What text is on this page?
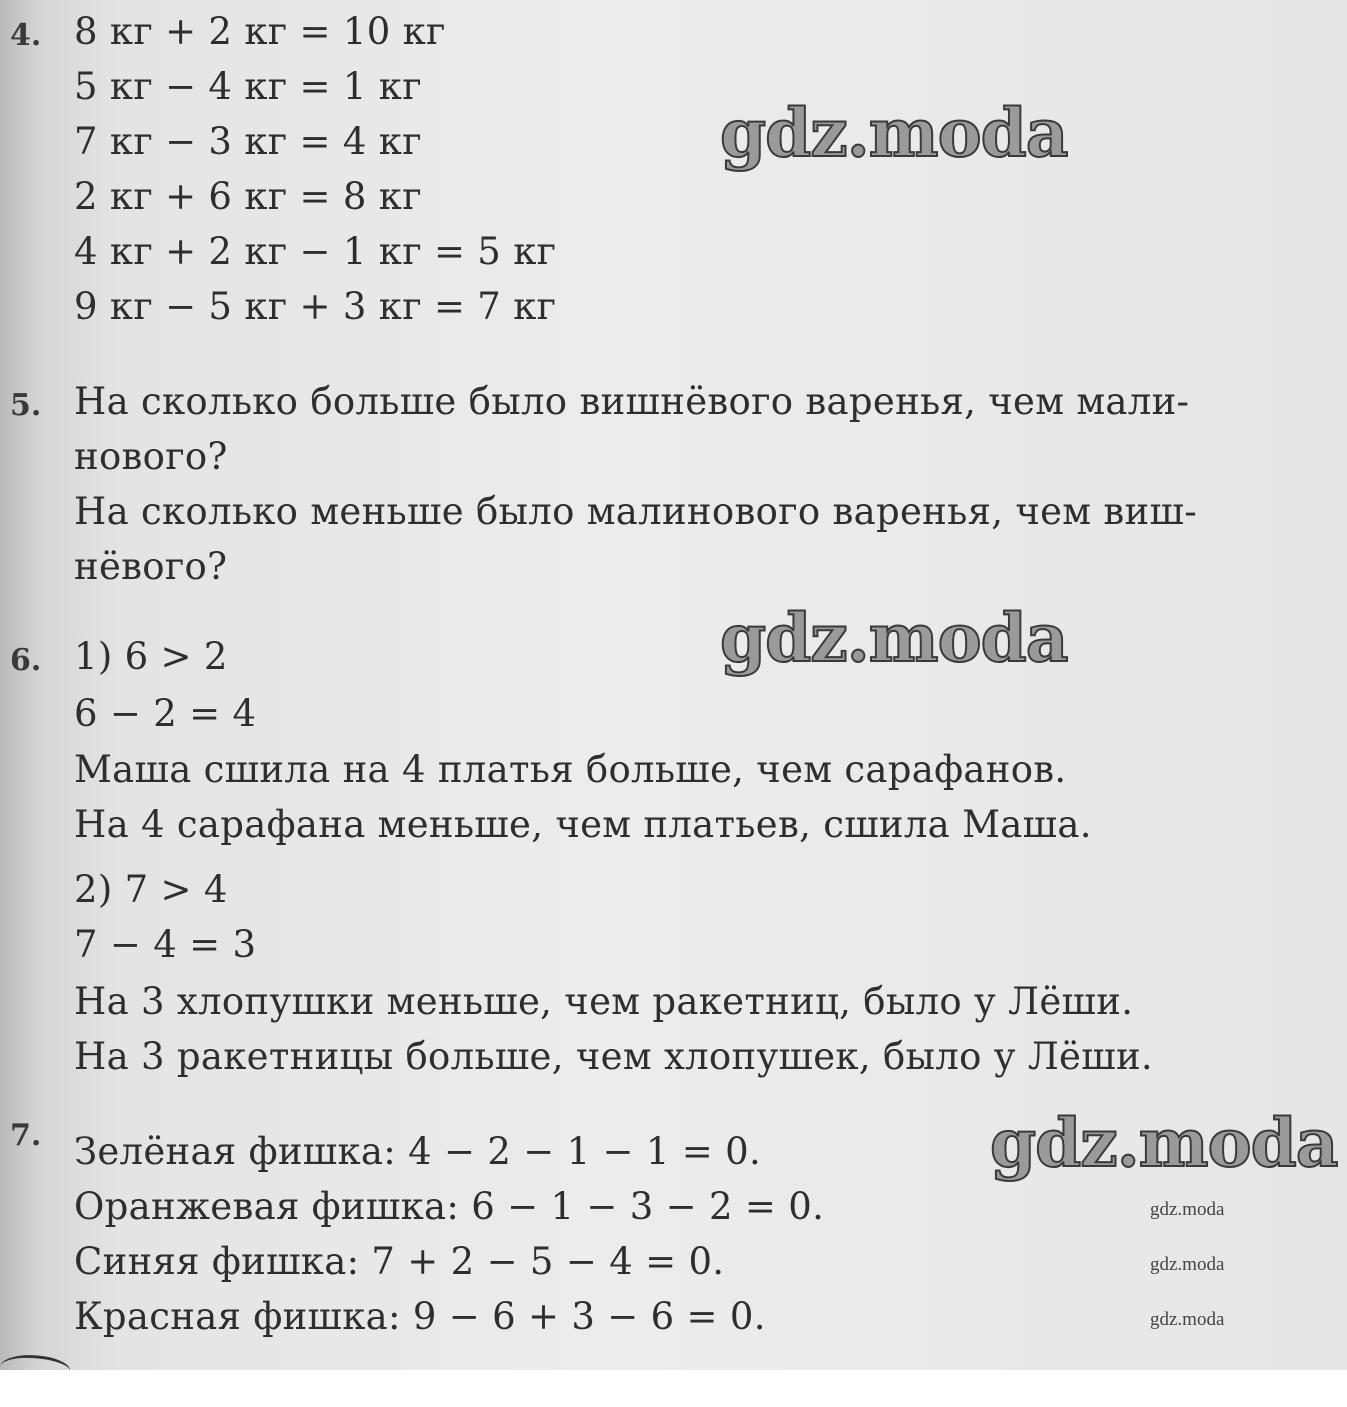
4. 8 кг + 2 кг = 10 кг
5 кг − 4 кг = 1 кг
7 кг − 3 кг = 4 кг
2 кг + 6 кг = 8 кг
4 кг + 2 кг − 1 кг = 5 кг
9 кг − 5 кг + 3 кг = 7 кг
5. На сколько больше было вишнёвого варенья, чем мали-
нового?
На сколько меньше было малинового варенья, чем виш-
нёвого?
6. 1) 6 > 2
6 − 2 = 4
Маша сшила на 4 платья больше, чем сарафанов.
На 4 сарафана меньше, чем платьев, сшила Маша.
2) 7 > 4
7 − 4 = 3
На 3 хлопушки меньше, чем ракетниц, было у Лёши.
На 3 ракетницы больше, чем хлопушек, было у Лёши.
7. Зелёная фишка: 4 − 2 − 1 − 1 = 0.
Оранжевая фишка: 6 − 1 − 3 − 2 = 0.
Синяя фишка: 7 + 2 − 5 − 4 = 0.
Красная фишка: 9 − 6 + 3 − 6 = 0.
gdz.moda
gdz.moda
gdz.moda
gdz.moda
gdz.moda
gdz.moda
